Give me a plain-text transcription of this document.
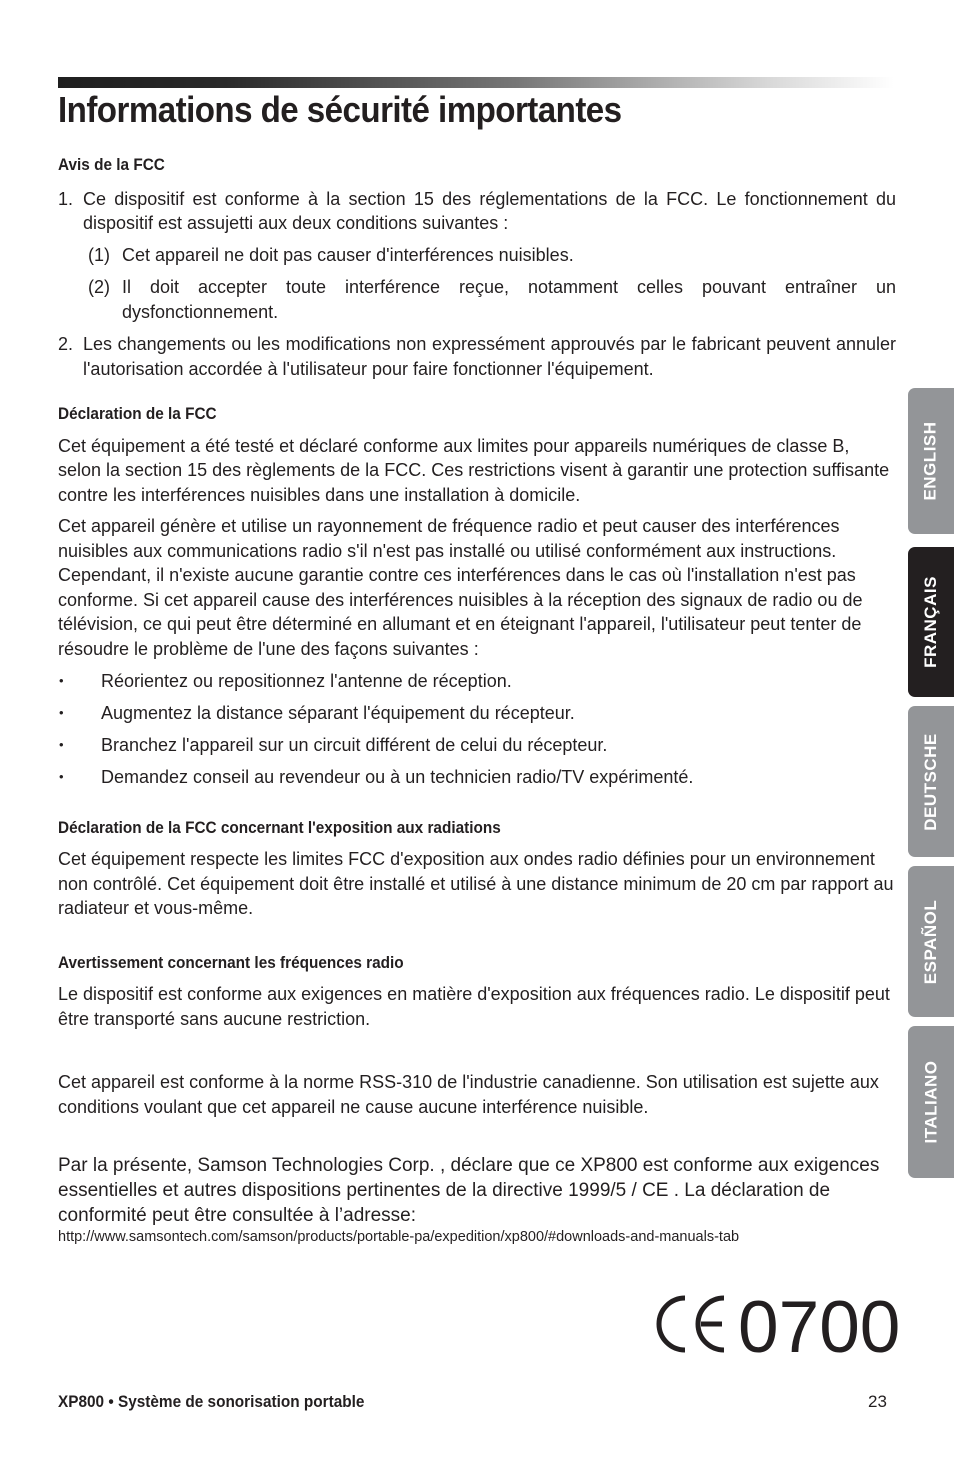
Informations de sécurité importantes
Avis de la FCC
1. Ce dispositif est conforme à la section 15 des réglementations de la FCC. Le fonctionnement du dispositif est assujetti aux deux conditions suivantes :
(1) Cet appareil ne doit pas causer d'interférences nuisibles.
(2) Il doit accepter toute interférence reçue, notamment celles pouvant entraîner un dysfonctionnement.
2. Les changements ou les modifications non expressément approuvés par le fabricant peuvent annuler l'autorisation accordée à l'utilisateur pour faire fonctionner l'équipement.
Déclaration de la FCC

Cet équipement a été testé et déclaré conforme aux limites pour appareils numériques de classe B, selon la section 15 des règlements de la FCC. Ces restrictions visent à garantir une protection suffisante contre les interférences nuisibles dans une installation à domicile.

Cet appareil génère et utilise un rayonnement de fréquence radio et peut causer des interférences nuisibles aux communications radio s'il n'est pas installé ou utilisé conformément aux instructions. Cependant, il n'existe aucune garantie contre ces interférences dans le cas où l'installation n'est pas conforme. Si cet appareil cause des interférences nuisibles à la réception des signaux de radio ou de télévision, ce qui peut être déterminé en allumant et en éteignant l'appareil, l'utilisateur peut tenter de résoudre le problème de l'une des façons suivantes :

• Réorientez ou repositionnez l'antenne de réception.
• Augmentez la distance séparant l'équipement du récepteur.
• Branchez l'appareil sur un circuit différent de celui du récepteur.
• Demandez conseil au revendeur ou à un technicien radio/TV expérimenté.
Déclaration de la FCC concernant l'exposition aux radiations

Cet équipement respecte les limites FCC d'exposition aux ondes radio définies pour un environnement non contrôlé. Cet équipement doit être installé et utilisé à une distance minimum de 20 cm par rapport au radiateur et vous-même.

Avertissement concernant les fréquences radio

Le dispositif est conforme aux exigences en matière d'exposition aux fréquences radio. Le dispositif peut être transporté sans aucune restriction.

Cet appareil est conforme à la norme RSS-310 de l'industrie canadienne. Son utilisation est sujette aux conditions voulant que cet appareil ne cause aucune interférence nuisible.

Par la présente, Samson Technologies Corp. , déclare que ce XP800 est conforme aux exigences essentielles et autres dispositions pertinentes de la directive 1999/5 / CE . La déclaration de conformité peut être consultée à l’adresse:

http://www.samsontech.com/samson/products/portable-pa/expedition/xp800/#downloads-and-manuals-tab
0700
XP800 • Système de sonorisation portable	23
ENGLISH
FRANÇAIS
DEUTSCHE
ESPAÑOL
ITALIANO
